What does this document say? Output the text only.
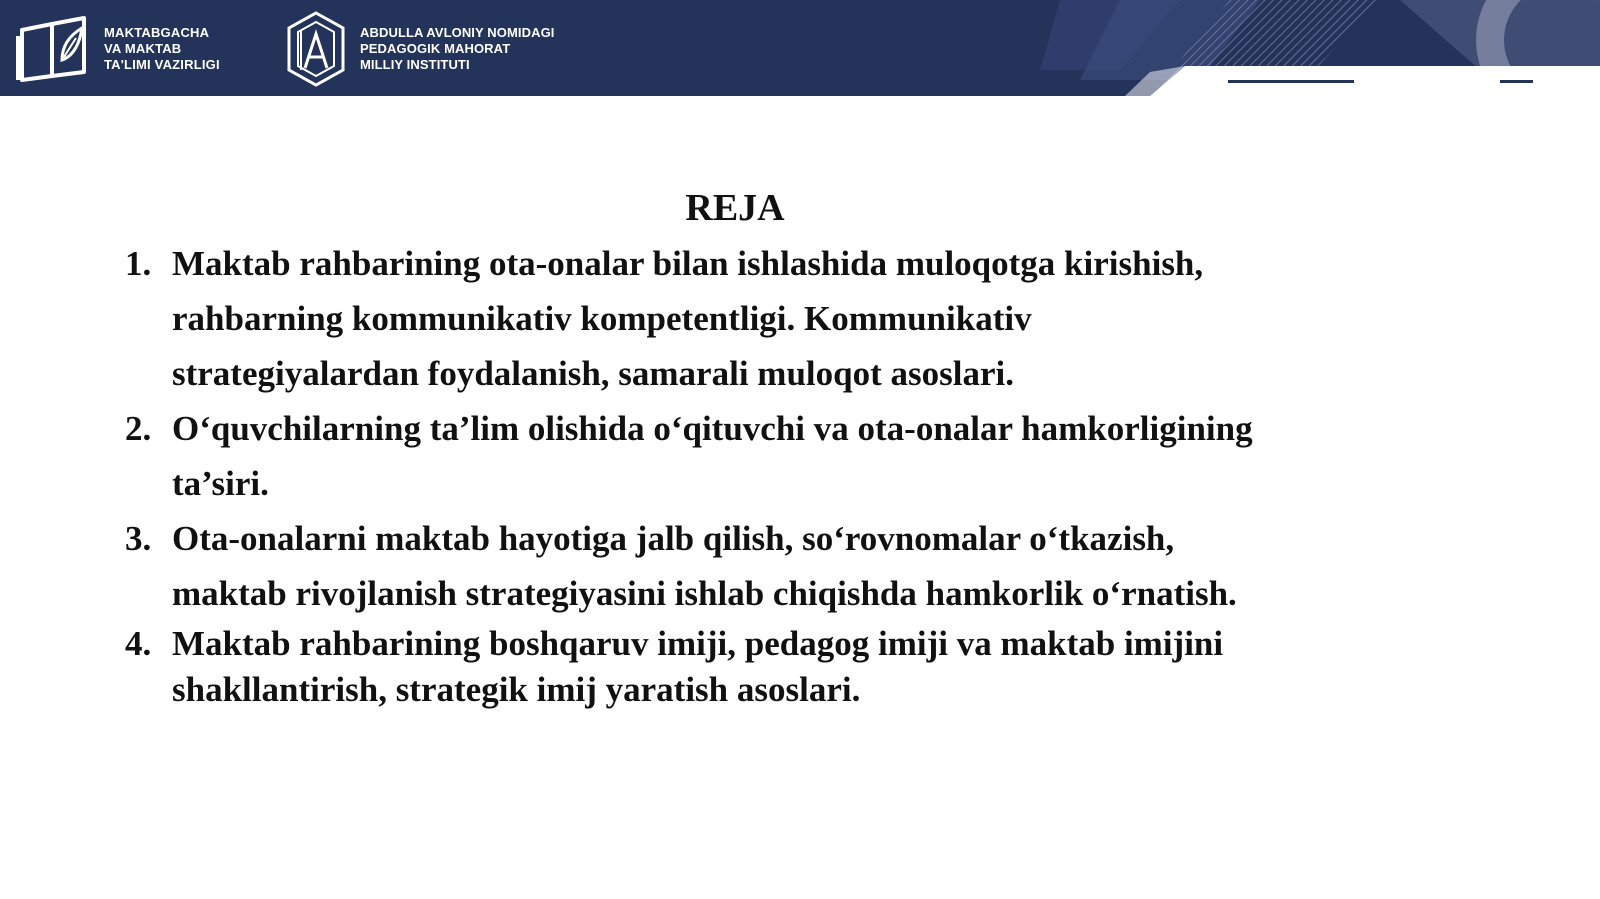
MAKTABGACHA
VA MAKTAB
TA'LIMI VAZIRLIGI
ABDULLA AVLONIY NOMIDAGI
PEDAGOGIK MAHORAT
MILLIY INSTITUTI
REJA
1. Maktab rahbarining ota-onalar bilan ishlashida muloqotga kirishish, rahbarning kommunikativ kompetentligi. Kommunikativ strategiyalardan foydalanish, samarali muloqot asoslari.
2. O‘quvchilarning ta’lim olishida o‘qituvchi va ota-onalar hamkorligining ta’siri.
3. Ota-onalarni maktab hayotiga jalb qilish, so‘rovnomalar o‘tkazish, maktab rivojlanish strategiyasini ishlab chiqishda hamkorlik o‘rnatish.
4. Maktab rahbarining boshqaruv imiji, pedagog imiji va maktab imijini shakllantirish, strategik imij yaratish asoslari.
